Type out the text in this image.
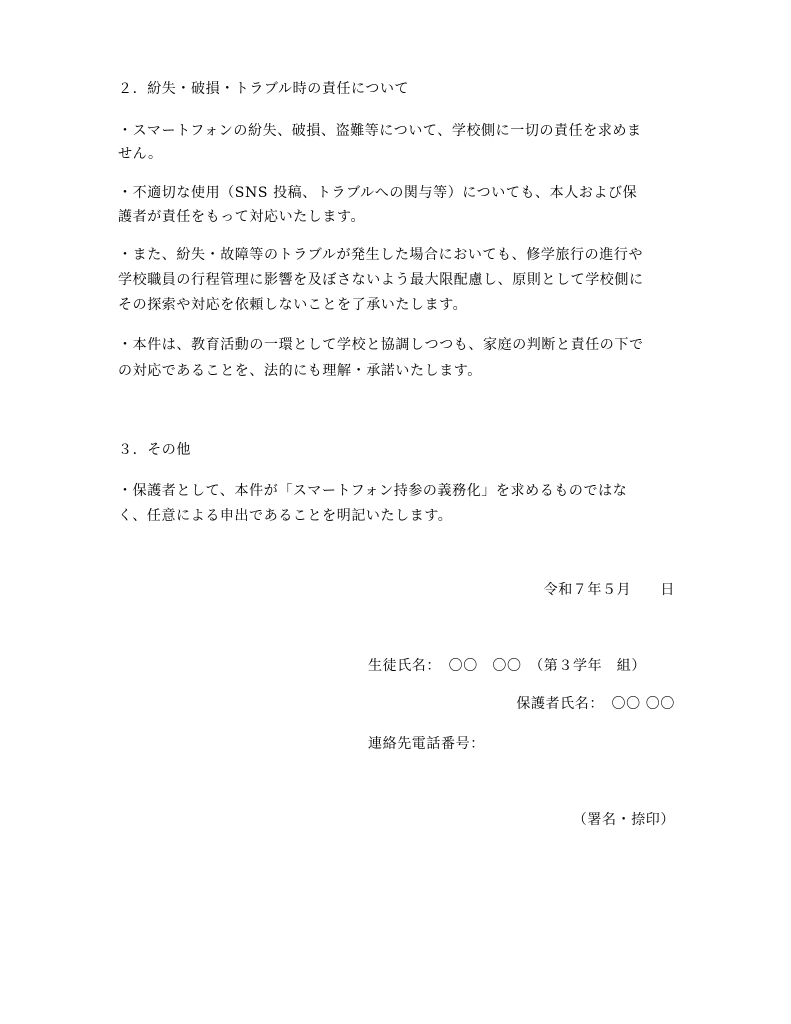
２．紛失・破損・トラブル時の責任について
・スマートフォンの紛失、破損、盗難等について、学校側に一切の責任を求めま
せん。
・不適切な使用（SNS 投稿、トラブルへの関与等）についても、本人および保
護者が責任をもって対応いたします。
・また、紛失・故障等のトラブルが発生した場合においても、修学旅行の進行や
学校職員の行程管理に影響を及ぼさないよう最大限配慮し、原則として学校側に
その探索や対応を依頼しないことを了承いたします。
・本件は、教育活動の一環として学校と協調しつつも、家庭の判断と責任の下で
の対応であることを、法的にも理解・承諾いたします。
３．その他
・保護者として、本件が「スマートフォン持参の義務化」を求めるものではな
く、任意による申出であることを明記いたします。
令和７年５月　　日
生徒氏名：　〇〇　〇〇　（第３学年　組）
保護者氏名：　〇〇 〇〇
連絡先電話番号：
（署名・捺印）
